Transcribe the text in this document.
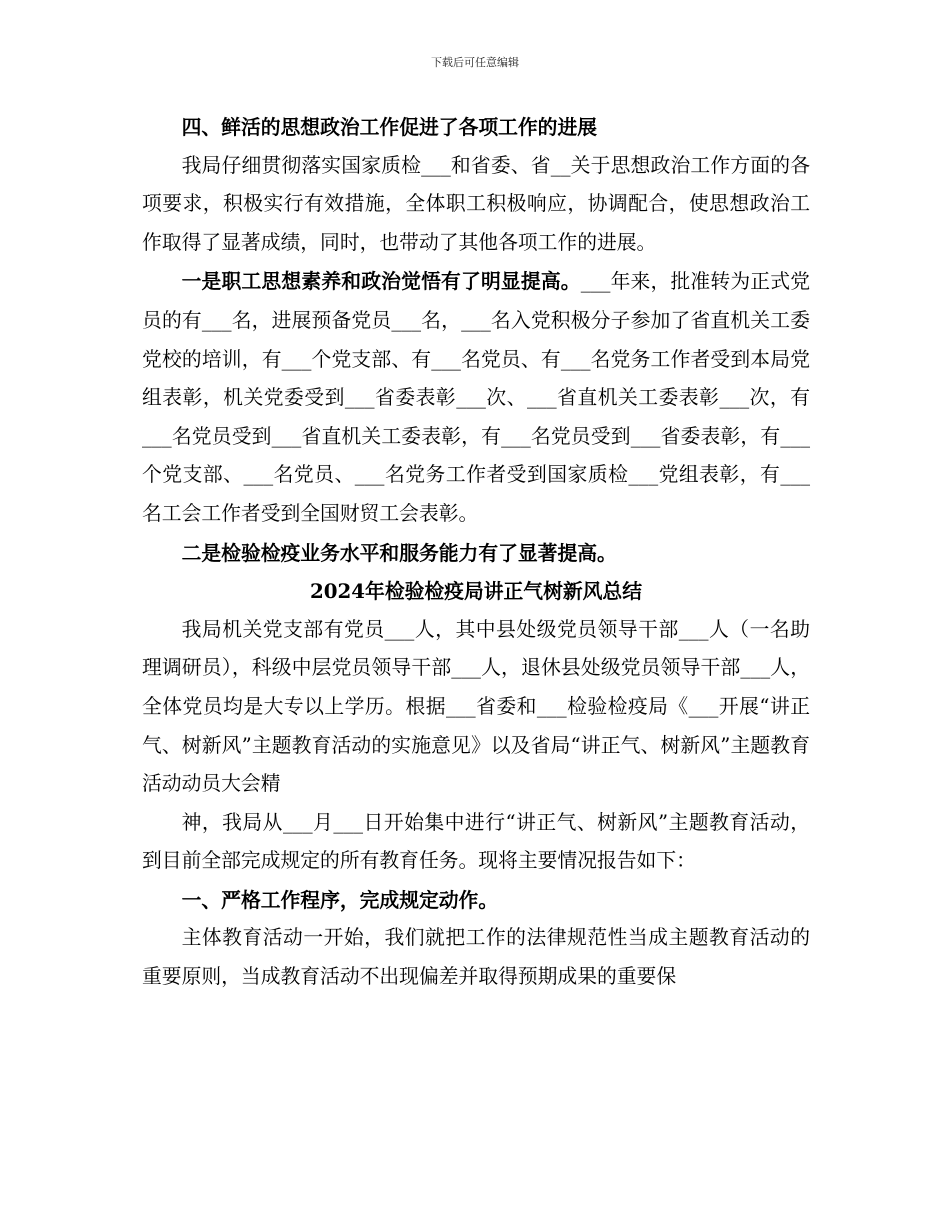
下载后可任意编辑

四、鲜活的思想政治工作促进了各项工作的进展

我局仔细贯彻落实国家质检___和省委、省__关于思想政治工作方面的各项要求，积极实行有效措施，全体职工积极响应，协调配合，使思想政治工作取得了显著成绩，同时，也带动了其他各项工作的进展。

一是职工思想素养和政治觉悟有了明显提高。___年来，批准转为正式党员的有___名，进展预备党员___名，___名入党积极分子参加了省直机关工委党校的培训，有___个党支部、有___名党员、有___名党务工作者受到本局党组表彰，机关党委受到___省委表彰___次、___省直机关工委表彰___次，有___名党员受到___省直机关工委表彰，有___名党员受到___省委表彰，有___个党支部、___名党员、___名党务工作者受到国家质检___党组表彰，有___名工会工作者受到全国财贸工会表彰。

二是检验检疫业务水平和服务能力有了显著提高。

2024年检验检疫局讲正气树新风总结

我局机关党支部有党员___人，其中县处级党员领导干部___人（一名助理调研员），科级中层党员领导干部___人，退休县处级党员领导干部___人，全体党员均是大专以上学历。根据___省委和___检验检疫局《___开展“讲正气、树新风”主题教育活动的实施意见》以及省局“讲正气、树新风”主题教育活动动员大会精

神，我局从___月___日开始集中进行“讲正气、树新风”主题教育活动，到目前全部完成规定的所有教育任务。现将主要情况报告如下：

一、严格工作程序，完成规定动作。

主体教育活动一开始，我们就把工作的法律规范性当成主题教育活动的重要原则，当成教育活动不出现偏差并取得预期成果的重要保
